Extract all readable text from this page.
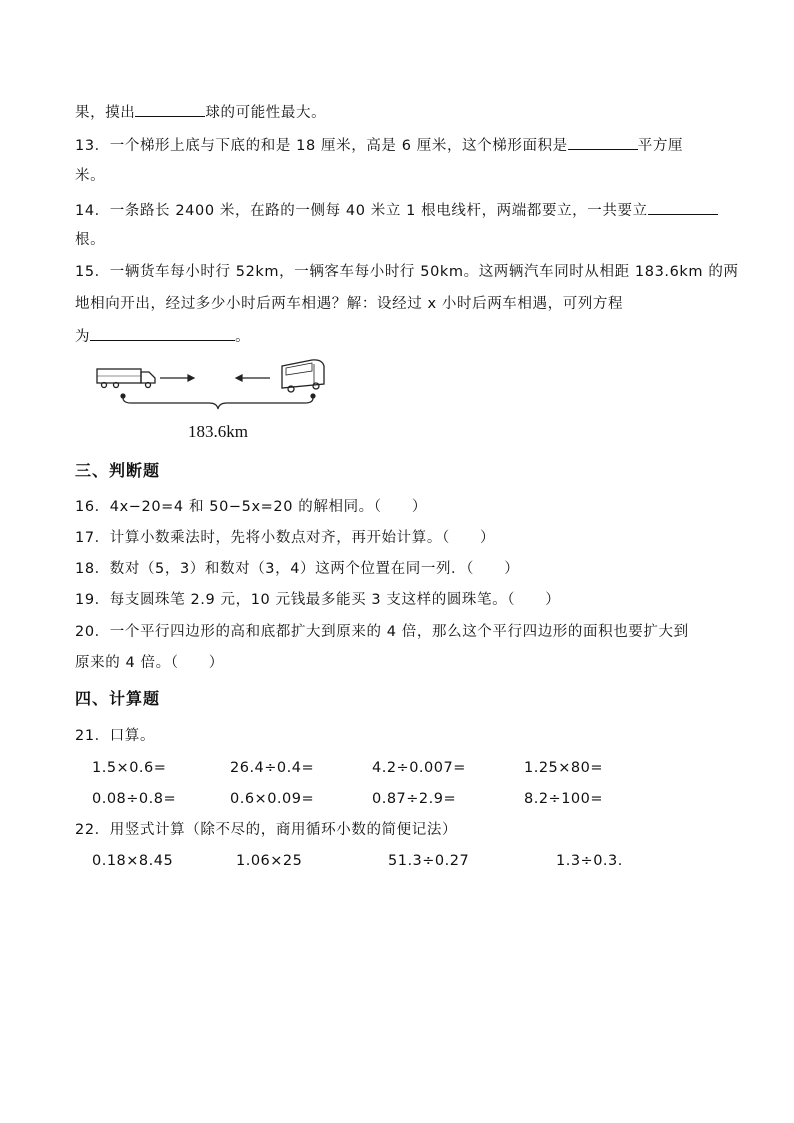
果，摸出	球的可能性最大。
13．一个梯形上底与下底的和是 18 厘米，高是 6 厘米，这个梯形面积是	平方厘
米。
14．一条路长 2400 米，在路的一侧每 40 米立 1 根电线杆，两端都要立，一共要立
根。
15．一辆货车每小时行 52km，一辆客车每小时行 50km。这两辆汽车同时从相距 183.6km 的两
地相向开出，经过多少小时后两车相遇？解：设经过 x 小时后两车相遇，可列方程
为	。
183.6km
三、判断题
16．4x−20=4 和 50−5x=20 的解相同。（　　）
17．计算小数乘法时，先将小数点对齐，再开始计算。（　　）
18．数对（5，3）和数对（3，4）这两个位置在同一列．（　　）
19．每支圆珠笔 2.9 元，10 元钱最多能买 3 支这样的圆珠笔。（　　）
20．一个平行四边形的高和底都扩大到原来的 4 倍，那么这个平行四边形的面积也要扩大到
原来的 4 倍。（　　）
四、计算题
21．口算。
1.5×0.6=	26.4÷0.4=	4.2÷0.007=	1.25×80=
0.08÷0.8=	0.6×0.09=	0.87÷2.9=	8.2÷100=
22．用竖式计算（除不尽的，商用循环小数的简便记法）
0.18×8.45	1.06×25	51.3÷0.27	1.3÷0.3.
